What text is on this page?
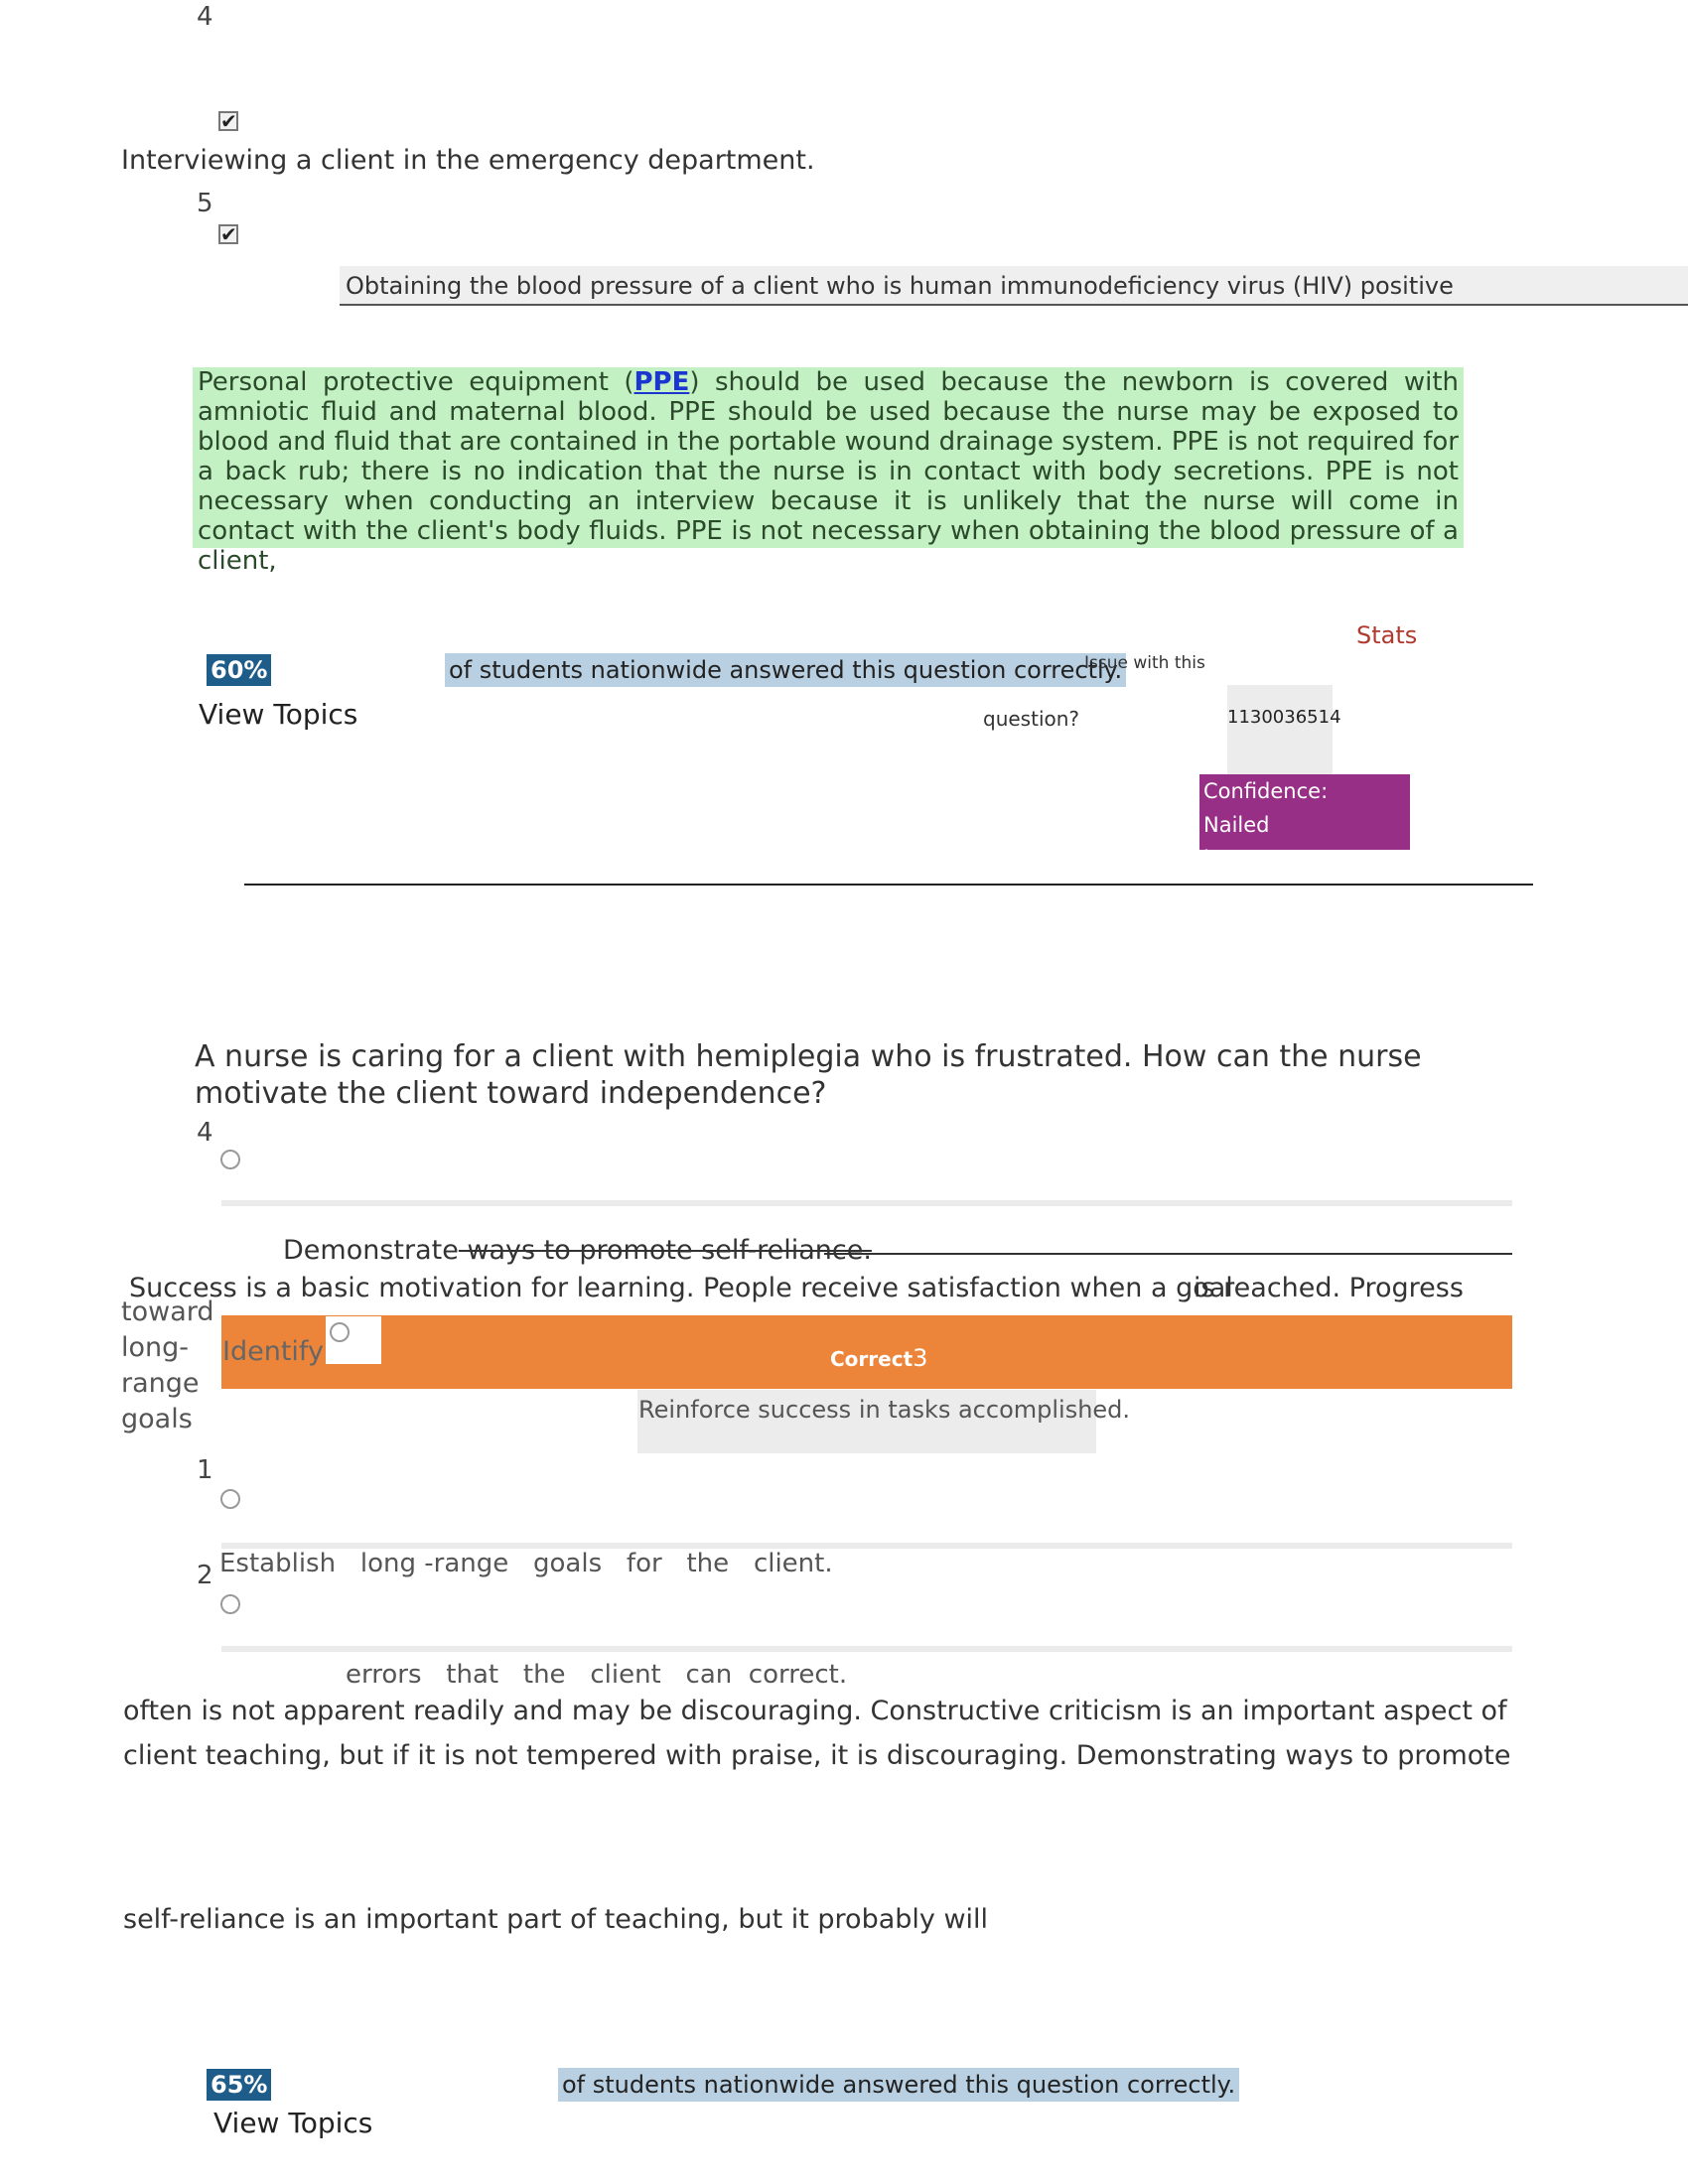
4
✔
Interviewing a client in the emergency department.
5
✔
Obtaining the blood pressure of a client who is human immunodeficiency virus (HIV) positive
Personal protective equipment (PPE) should be used because the newborn is covered with amniotic fluid and maternal blood. PPE should be used because the nurse may be exposed to blood and fluid that are contained in the portable wound drainage system. PPE is not required for a back rub; there is no indication that the nurse is in contact with body secretions. PPE is not necessary when conducting an interview because it is unlikely that the nurse will come in contact with the client's body fluids. PPE is not necessary when obtaining the blood pressure of a client,
Stats
60%	of students nationwide answered this question correctly.
Issue with this
question?
View Topics	1130036514
Confidence:   Nailed
it
A nurse is caring for a client with hemiplegia who is frustrated. How can the nurse motivate the client toward independence?
4
Demonstrate ways to promote self-reliance.
Success is a basic motivation for learning. People receive satisfaction when a goal
is reached. Progress
toward
long-
range
goals
Identify	Correct3
Reinforce success in tasks accomplished.
1
2 Establish   long -range   goals   for   the   client.
errors   that   the   client   can  correct.
often is not apparent readily and may be discouraging. Constructive criticism is an important aspect of
client teaching, but if it is not tempered with praise, it is discouraging. Demonstrating ways to promote
self-reliance is an important part of teaching, but it probably will
65%	of students nationwide answered this question correctly.
View Topics
